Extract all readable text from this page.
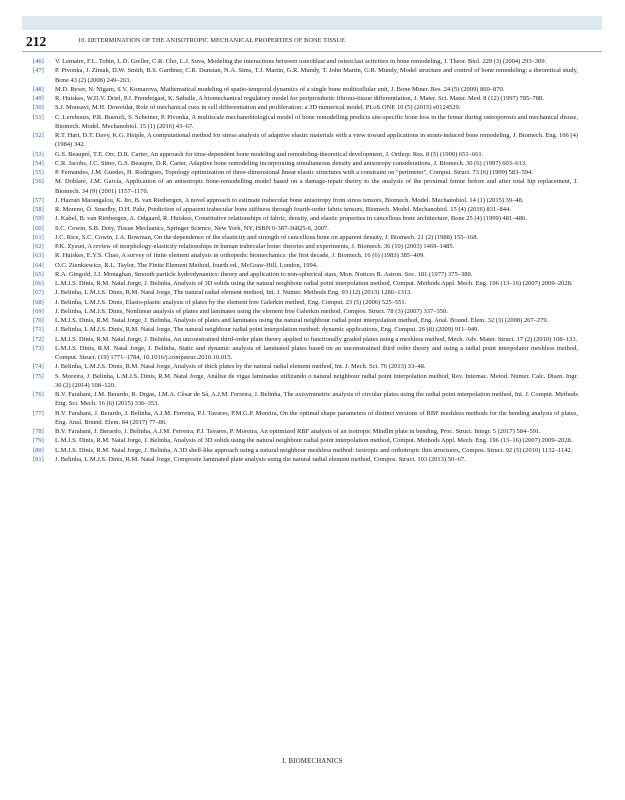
212	10. DETERMINATION OF THE ANISOTROPIC MECHANICAL PROPERTIES OF BONE TISSUE
[46]	V. Lemaire, F.L. Tobin, L.D. Greller, C.R. Cho, L.J. Suva, Modeling the interactions between osteoblast and osteoclast activities in bone remodeling, J. Theor. Biol. 229 (3) (2004) 293–309.
[47]	P. Pivonka, J. Zimak, D.W. Smith, B.S. Gardiner, C.R. Dunstan, N.A. Sims, T.J. Martin, G.R. Mundy, T. John Martin, G.R. Mundy, Model structure and control of bone remodeling: a theoretical study, Bone 43 (2) (2008) 249–263.
[48]	M.D. Ryser, N. Nigam, S.V. Komarova, Mathematical modeling of spatio-temporal dynamics of a single bone multicellular unit, J. Bone Miner. Res. 24 (5) (2009) 860–870.
[49]	R. Huiskes, W.D.V. Driel, P.J. Prendergast, K. Søballe, A biomechanical regulatory model for periprosthetic fibrous-tissue differentiation, J. Mater. Sci. Mater. Med. 8 (12) (1997) 785–788.
[50]	S.J. Mousavi, M.H. Doweidar, Role of mechanical cues in cell differentiation and proliferation: a 3D numerical model, PLoS ONE 10 (5) (2015) e0124529.
[51]	C. Lerebours, P.R. Buenzli, S. Scheiner, P. Pivonka, A multiscale mechanobiological model of bone remodelling predicts site-specific bone loss in the femur during osteoporosis and mechanical disuse, Biomech. Model. Mechanobiol. 15 (1) (2016) 43–67.
[52]	R.T. Hart, D.T. Davy, K.G. Heiple, A computational method for stress analysis of adaptive elastic materials with a view toward applications in strain-induced bone remodeling, J. Biomech. Eng. 106 (4) (1984) 342.
[53]	G.S. Beaupré, T.E. Orr, D.R. Carter, An approach for time-dependent bone modeling and remodeling-theoretical development, J. Orthop. Res. 8 (5) (1990) 651–661.
[54]	C.R. Jacobs, J.C. Simo, G.S. Beaupre, D.R. Carter, Adaptive bone remodeling incorporating simultaneous density and anisotropy considerations, J. Biomech. 30 (6) (1997) 603–613.
[55]	P. Fernandes, J.M. Guedes, H. Rodrigues, Topology optimization of three-dimensional linear elastic structures with a constraint on "perimeter", Comput. Struct. 73 (6) (1999) 583–594.
[56]	M. Doblaré, J.M. García, Application of an anisotropic bone-remodelling model based on a damage-repair theory to the analysis of the proximal femur before and after total hip replacement, J. Biomech. 34 (9) (2001) 1157–1170.
[57]	J. Hazrati Marangalou, K. Ito, B. van Rietbergen, A novel approach to estimate trabecular bone anisotropy from stress tensors, Biomech. Model. Mechanobiol. 14 (1) (2015) 39–48.
[58]	R. Moreno, Ö. Smedby, D.H. Pahr, Prediction of apparent trabecular bone stiffness through fourth-order fabric tensors, Biomech. Model. Mechanobiol. 15 (4) (2016) 831–844.
[59]	J. Kabel, B. van Rietbergen, A. Odgaard, R. Huiskes, Constitutive relationships of fabric, density, and elastic properties in cancellous bone architecture, Bone 25 (4) (1999) 481–486.
[60]	S.C. Cowin, S.B. Doty, Tissue Mechanics, Springer Science, New York, NY, ISBN 0-387-36825-6, 2007.
[61]	J.C. Rice, S.C. Cowin, J.A. Bowman, On the dependence of the elasticity and strength of cancellous bone on apparent density, J. Biomech. 21 (2) (1988) 155–168.
[62]	P.K. Zysset, A review of morphology-elasticity relationships in human trabecular bone: theories and experiments, J. Biomech. 36 (10) (2003) 1469–1485.
[63]	R. Huiskes, E.Y.S. Chao, A survey of finite element analysis in orthopedic biomechanics: the first decade, J. Biomech. 16 (6) (1983) 385–409.
[64]	O.C. Zienkiewicz, R.L. Taylor, The Finite Element Method, fourth ed., McGraw-Hill, London, 1994.
[65]	R.A. Gingold, J.J. Monaghan, Smooth particle hydrodynamics: theory and application to non-spherical stars, Mon. Notices R. Astron. Soc. 181 (1977) 375–389.
[66]	L.M.J.S. Dinis, R.M. Natal Jorge, J. Belinha, Analysis of 3D solids using the natural neighbour radial point interpolation method, Comput. Methods Appl. Mech. Eng. 196 (13–16) (2007) 2009–2028.
[67]	J. Belinha, L.M.J.S. Dinis, R.M. Natal Jorge, The natural radial element method, Int. J. Numer. Methods Eng. 93 (12) (2013) 1286–1313.
[68]	J. Belinha, L.M.J.S. Dinis, Elasto-plastic analysis of plates by the element free Galerkin method, Eng. Comput. 23 (5) (2006) 525–551.
[69]	J. Belinha, L.M.J.S. Dinis, Nonlinear analysis of plates and laminates using the element free Galerkin method, Compos. Struct. 78 (3) (2007) 337–350.
[70]	L.M.J.S. Dinis, R.M. Natal Jorge, J. Belinha, Analysis of plates and laminates using the natural neighbour radial point interpolation method, Eng. Anal. Bound. Elem. 32 (3) (2008) 267–279.
[71]	J. Belinha, L.M.J.S. Dinis, R.M. Natal Jorge, The natural neighbour radial point interpolation method: dynamic applications, Eng. Comput. 26 (8) (2009) 911–949.
[72]	L.M.J.S. Dinis, R.M. Natal Jorge, J. Belinha, An unconstrained third-order plate theory applied to functionally graded plates using a meshless method, Mech. Adv. Mater. Struct. 17 (2) (2010) 108–133.
[73]	L.M.J.S. Dinis, R.M. Natal Jorge, J. Belinha, Static and dynamic analysis of laminated plates based on an unconstrained third order theory and using a radial point interpolator meshless method, Comput. Struct. (19) 1771–1784, 10.1016/j.compstruc.2010.10.015.
[74]	J. Belinha, L.M.J.S. Dinis, R.M. Natal Jorge, Analysis of thick plates by the natural radial element method, Int. J. Mech. Sci. 76 (2013) 33–48.
[75]	S. Moreira, J. Belinha, L.M.J.S. Dinis, R.M. Natal Jorge, Análise de vigas laminadas utilizando o natural neighbour radial point interpolation method, Rev. Internac. Metod. Numer. Calc. Disen. Ingr. 30 (2) (2014) 108–120.
[76]	B.V. Farahani, J.M. Berardo, R. Drgas, J.M.A. César de Sá, A.J.M. Ferreira, J. Belinha, The axisymmetric analysis of circular plates using the radial point interpolation method, Int. J. Comput. Methods Eng. Sci. Mech. 16 (6) (2015) 336–353.
[77]	B.V. Farahani, J. Berardo, J. Belinha, A.J.M. Ferreira, P.J. Tavares, P.M.G.P. Moreira, On the optimal shape parameters of distinct versions of RBF meshless methods for the bending analysis of plates, Eng. Anal. Bound. Elem. 84 (2017) 77–86.
[78]	B.V. Farahani, J. Berardo, J. Belinha, A.J.M. Ferreira, P.J. Tavares, P. Moreira, An optimized RBF analysis of an isotropic Mindlin plate in bending, Proc. Struct. Integr. 5 (2017) 584–591.
[79]	L.M.J.S. Dinis, R.M. Natal Jorge, J. Belinha, Analysis of 3D solids using the natural neighbour radial point interpolation method, Comput. Methods Appl. Mech. Eng. 196 (13–16) (2007) 2009–2028.
[80]	L.M.J.S. Dinis, R.M. Natal Jorge, J. Belinha, A 3D shell-like approach using a natural neighbour meshless method: isotropic and orthotropic thin structures, Compos. Struct. 92 (5) (2010) 1132–1142.
[81]	J. Belinha, L.M.J.S. Dinis, R.M. Natal Jorge, Composite laminated plate analysis using the natural radial element method, Compos. Struct. 103 (2013) 50–67.
I. BIOMECHANICS
